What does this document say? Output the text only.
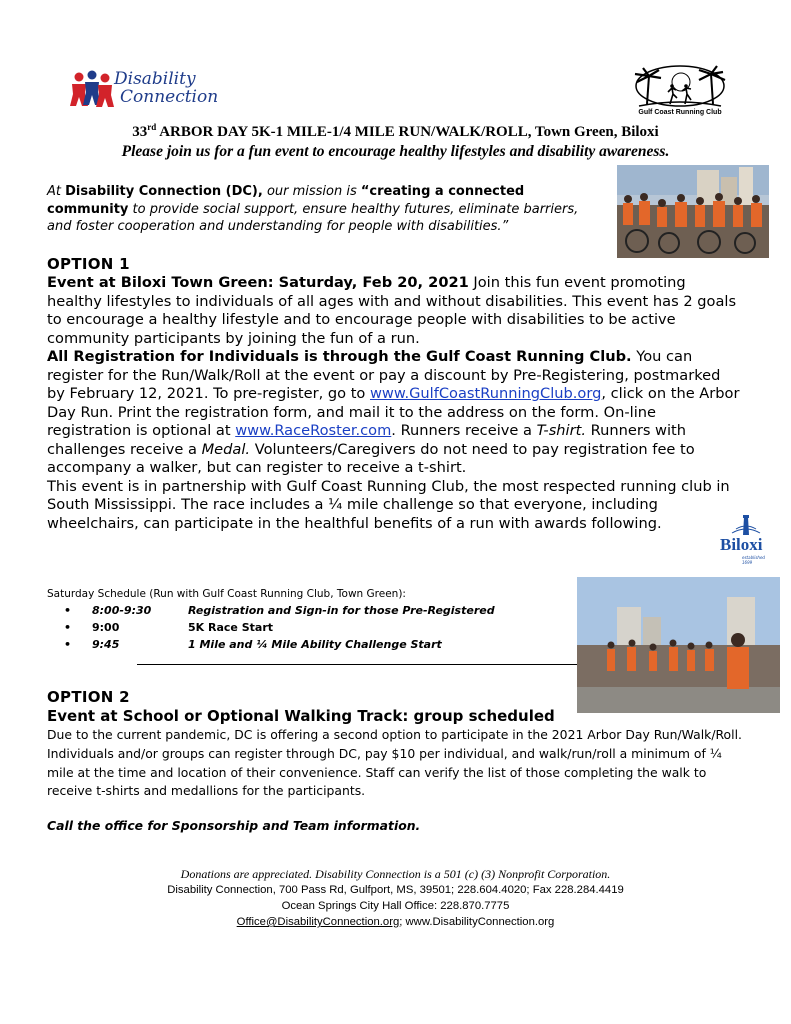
Disability
Connection
Gulf Coast Running Club
33rd ARBOR DAY 5K-1 MILE-1/4 MILE RUN/WALK/ROLL, Town Green, Biloxi
Please join us for a fun event to encourage healthy lifestyles and disability awareness.
At Disability Connection (DC), our mission is “creating a connected community to provide social support, ensure healthy futures, eliminate barriers, and foster cooperation and understanding for people with disabilities.”
OPTION 1
Event at Biloxi Town Green: Saturday, Feb 20, 2021 Join this fun event promoting healthy lifestyles to individuals of all ages with and without disabilities. This event has 2 goals to encourage a healthy lifestyle and to encourage people with disabilities to be active community participants by joining the fun of a run.
All Registration for Individuals is through the Gulf Coast Running Club. You can register for the Run/Walk/Roll at the event or pay a discount by Pre-Registering, postmarked by February 12, 2021. To pre-register, go to www.GulfCoastRunningClub.org, click on the Arbor Day Run. Print the registration form, and mail it to the address on the form. On-line registration is optional at www.RaceRoster.com. Runners receive a T-shirt. Runners with challenges receive a Medal. Volunteers/Caregivers do not need to pay registration fee to accompany a walker, but can register to receive a t-shirt.
This event is in partnership with Gulf Coast Running Club, the most respected running club in South Mississippi. The race includes a ¼ mile challenge so that everyone, including wheelchairs, can participate in the healthful benefits of a run with awards following.
Biloxi
established 1699
Saturday Schedule (Run with Gulf Coast Running Club, Town Green):
• 8:00-9:30	Registration and Sign-in for those Pre-Registered
• 9:00	5K Race Start
• 9:45	1 Mile and ¼ Mile Ability Challenge Start
OPTION 2
Event at School or Optional Walking Track: group scheduled
Due to the current pandemic, DC is offering a second option to participate in the 2021 Arbor Day Run/Walk/Roll. Individuals and/or groups can register through DC, pay $10 per individual, and walk/run/roll a minimum of ¼ mile at the time and location of their convenience. Staff can verify the list of those completing the walk to receive t-shirts and medallions for the participants.
Call the office for Sponsorship and Team information.
Donations are appreciated. Disability Connection is a 501 (c) (3) Nonprofit Corporation.
Disability Connection, 700 Pass Rd, Gulfport, MS, 39501; 228.604.4020; Fax 228.284.4419
Ocean Springs City Hall Office: 228.870.7775
Office@DisabilityConnection.org; www.DisabilityConnection.org
